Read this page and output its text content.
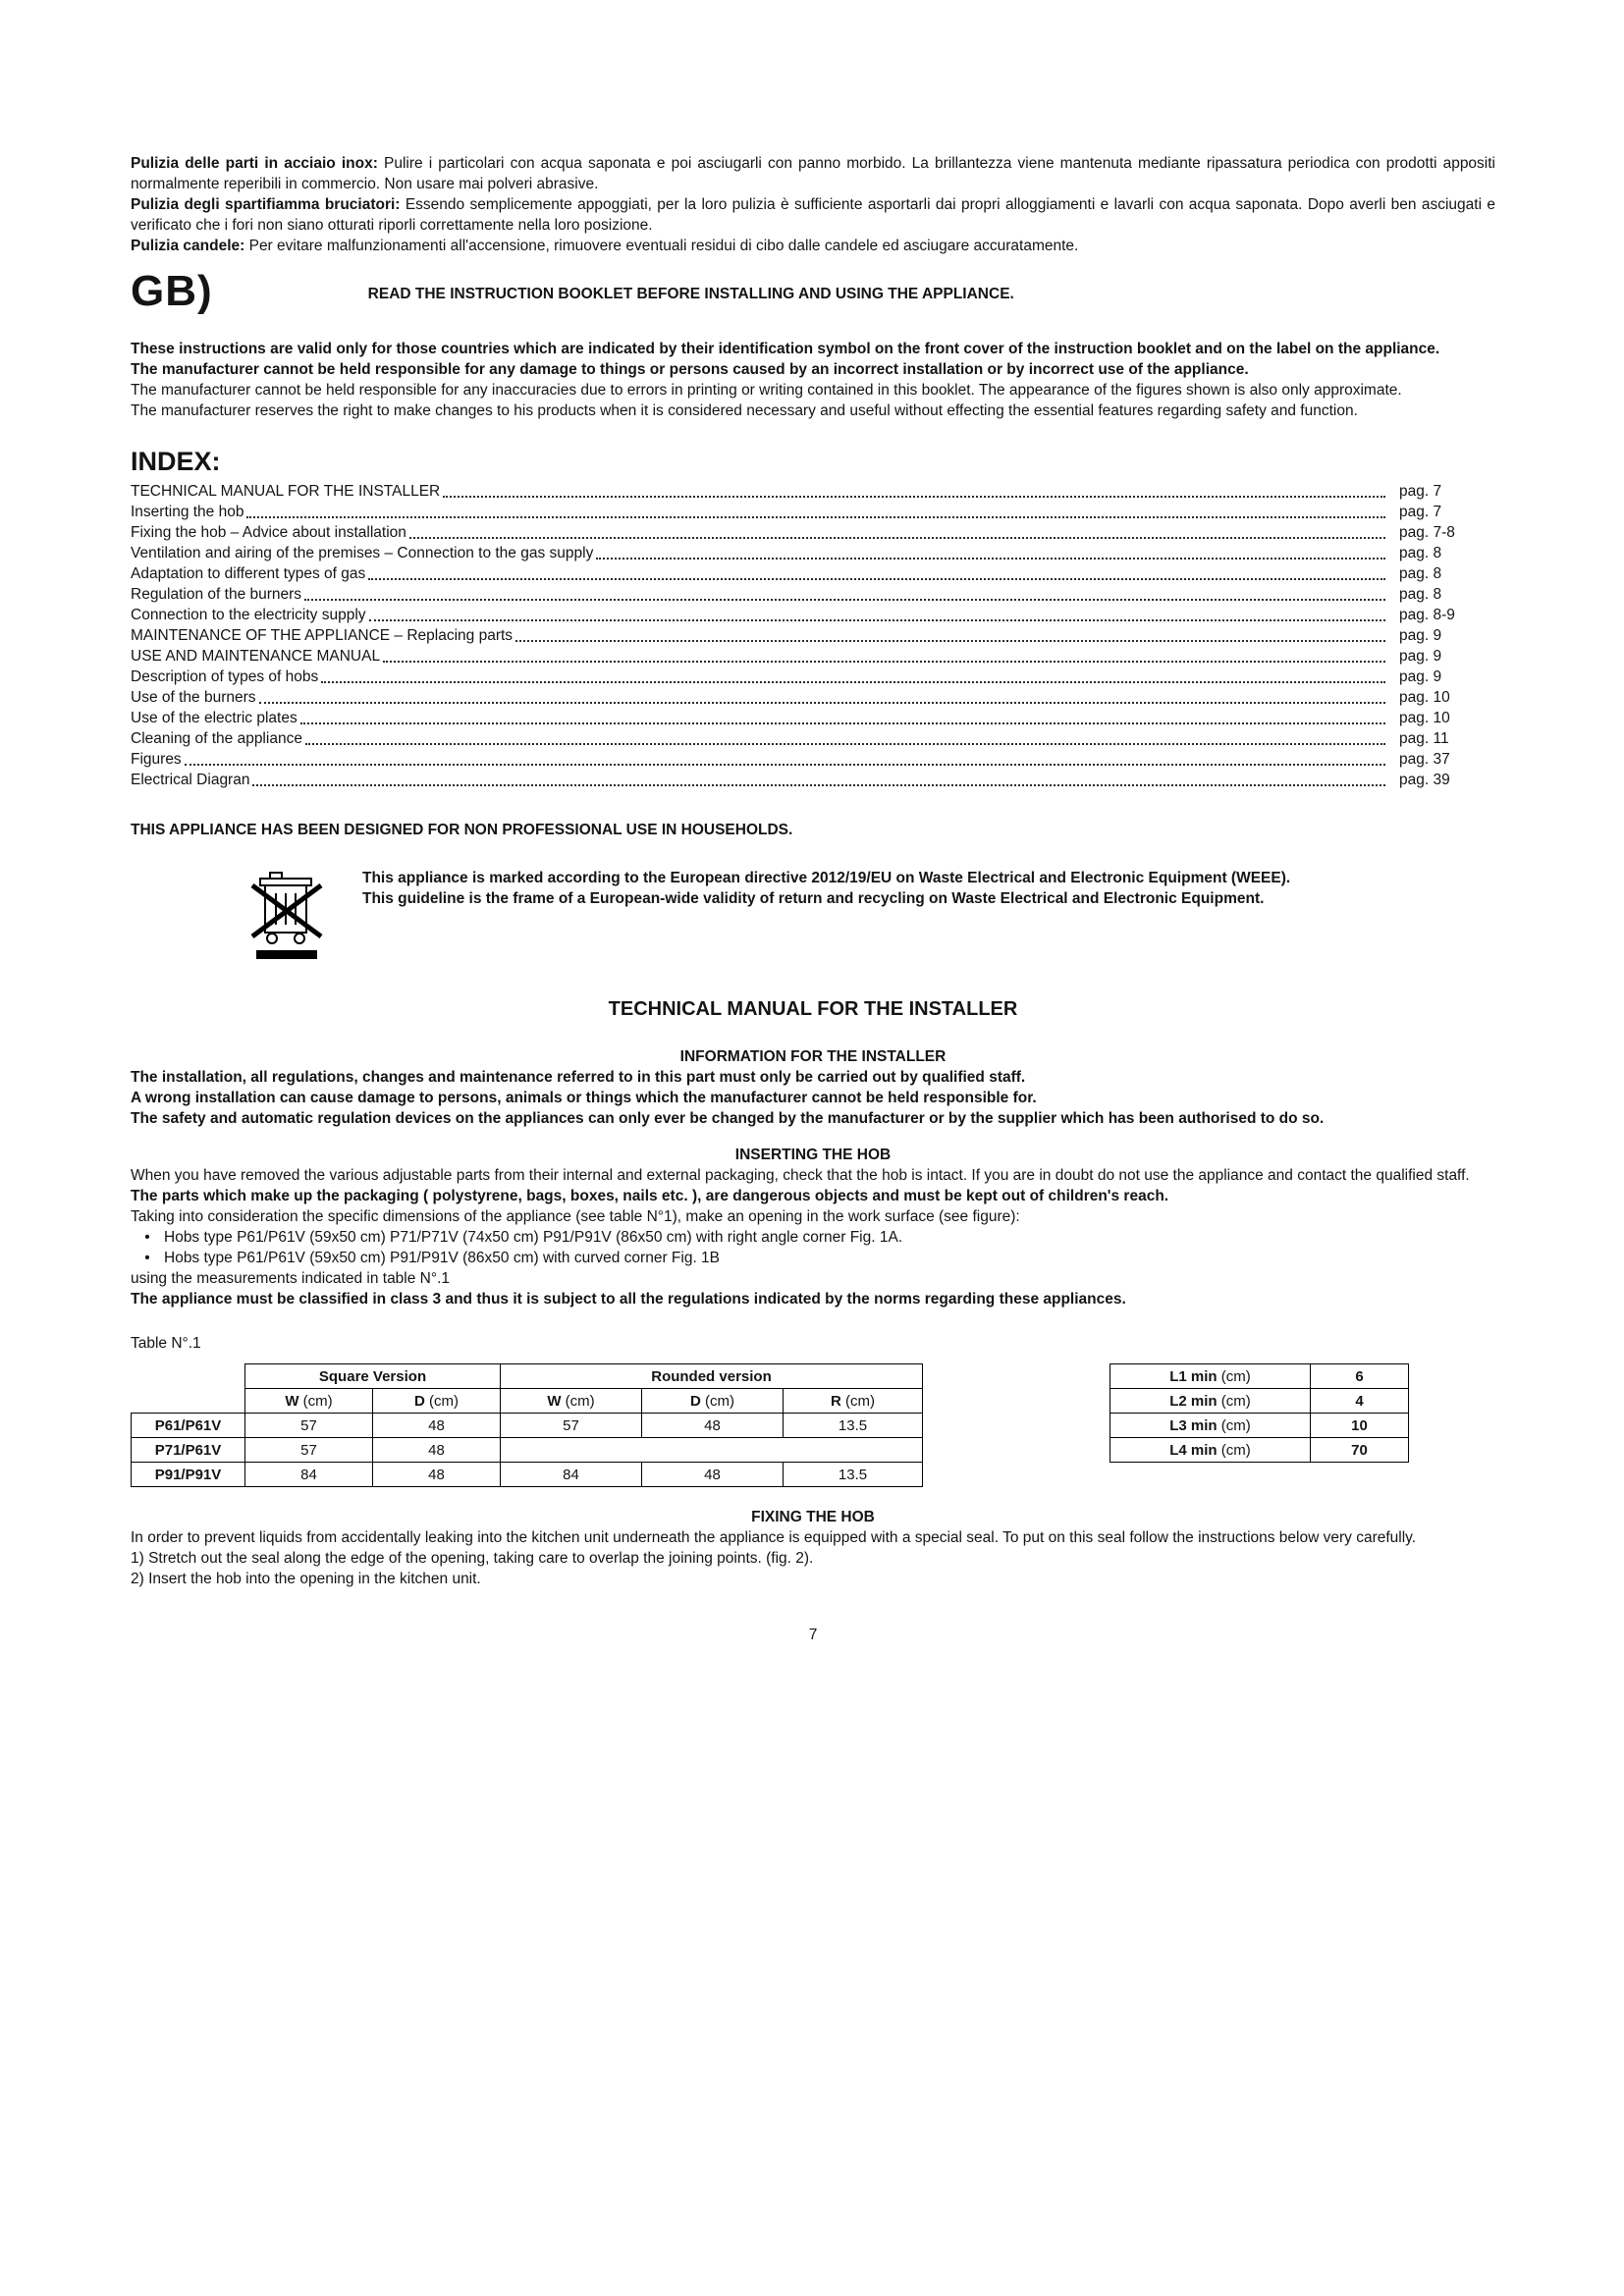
Pulizia delle parti in acciaio inox: Pulire i particolari con acqua saponata e poi asciugarli con panno morbido. La brillantezza viene mantenuta mediante ripassatura periodica con prodotti appositi normalmente reperibili in commercio. Non usare mai polveri abrasive.

Pulizia degli spartifiamma bruciatori: Essendo semplicemente appoggiati, per la loro pulizia è sufficiente asportarli dai propri alloggiamenti e lavarli con acqua saponata. Dopo averli ben asciugati e verificato che i fori non siano otturati riporli correttamente nella loro posizione.

Pulizia candele: Per evitare malfunzionamenti all'accensione, rimuovere eventuali residui di cibo dalle candele ed asciugare accuratamente.

GB)	READ THE INSTRUCTION BOOKLET BEFORE INSTALLING AND USING THE APPLIANCE.

These instructions are valid only for those countries which are indicated by their identification symbol on the front cover of the instruction booklet and on the label on the appliance.

The manufacturer cannot be held responsible for any damage to things or persons caused by an incorrect installation or by incorrect use of the appliance.

The manufacturer cannot be held responsible for any inaccuracies due to errors in printing or writing contained in this booklet. The appearance of the figures shown is also only approximate.

The manufacturer reserves the right to make changes to his products when it is considered necessary and useful without effecting the essential features regarding safety and function.

INDEX:
TECHNICAL MANUAL FOR THE INSTALLER	pag. 7
Inserting the hob	pag. 7
Fixing the hob – Advice about installation	pag. 7-8
Ventilation and airing of the premises – Connection to the gas supply	pag. 8
Adaptation to different types of gas	pag. 8
Regulation of the burners	pag. 8
Connection to the electricity supply	pag. 8-9
MAINTENANCE OF THE APPLIANCE – Replacing parts	pag. 9
USE AND MAINTENANCE MANUAL	pag. 9
Description of types of hobs	pag. 9
Use of the burners	pag. 10
Use of the electric plates	pag. 10
Cleaning of the appliance	pag. 11
Figures	pag. 37
Electrical Diagran	pag. 39

THIS APPLIANCE HAS BEEN DESIGNED FOR NON PROFESSIONAL USE IN HOUSEHOLDS.

This appliance is marked according to the European directive 2012/19/EU on Waste Electrical and Electronic Equipment (WEEE).

This guideline is the frame of a European-wide validity of return and recycling on Waste Electrical and Electronic Equipment.

TECHNICAL MANUAL FOR THE INSTALLER
INFORMATION FOR THE INSTALLER

The installation, all regulations, changes and maintenance referred to in this part must only be carried out by qualified staff.

A wrong installation can cause damage to persons, animals or things which the manufacturer cannot be held responsible for.

The safety and automatic regulation devices on the appliances can only ever be changed by the manufacturer or by the supplier which has been authorised to do so.

INSERTING THE HOB

When you have removed the various adjustable parts from their internal and external packaging, check that the hob is intact. If you are in doubt do not use the appliance and contact the qualified staff.

The parts which make up the packaging ( polystyrene, bags, boxes, nails etc. ), are dangerous objects and must be kept out of children's reach.

Taking into consideration the specific dimensions of the appliance (see table N°1), make an opening in the work surface (see figure):

•
Hobs type P61/P61V (59x50 cm) P71/P71V (74x50 cm) P91/P91V (86x50 cm) with right angle corner Fig. 1A.
•
Hobs type P61/P61V (59x50 cm) P91/P91V (86x50 cm) with curved corner Fig. 1B

using the measurements indicated in table N°.1

The appliance must be classified in class 3 and thus it is subject to all the regulations indicated by the norms regarding these appliances.

Table N°.1
	Square Version		Rounded version		
	W (cm)	D (cm)	W (cm)	D (cm)	R (cm)
P61/P61V	57	48	57	48	13.5
P71/P61V	57	48			
P91/P91V	84	48	84	48	13.5
L1 min (cm)	6
L2 min (cm)	4
L3 min (cm)	10
L4 min (cm)	70
FIXING THE HOB

In order to prevent liquids from accidentally leaking into the kitchen unit underneath the appliance is equipped with a special seal. To put on this seal follow the instructions below very carefully.

1) Stretch out the seal along the edge of the opening, taking care to overlap the joining points. (fig. 2).

2) Insert the hob into the opening in the kitchen unit.

7
